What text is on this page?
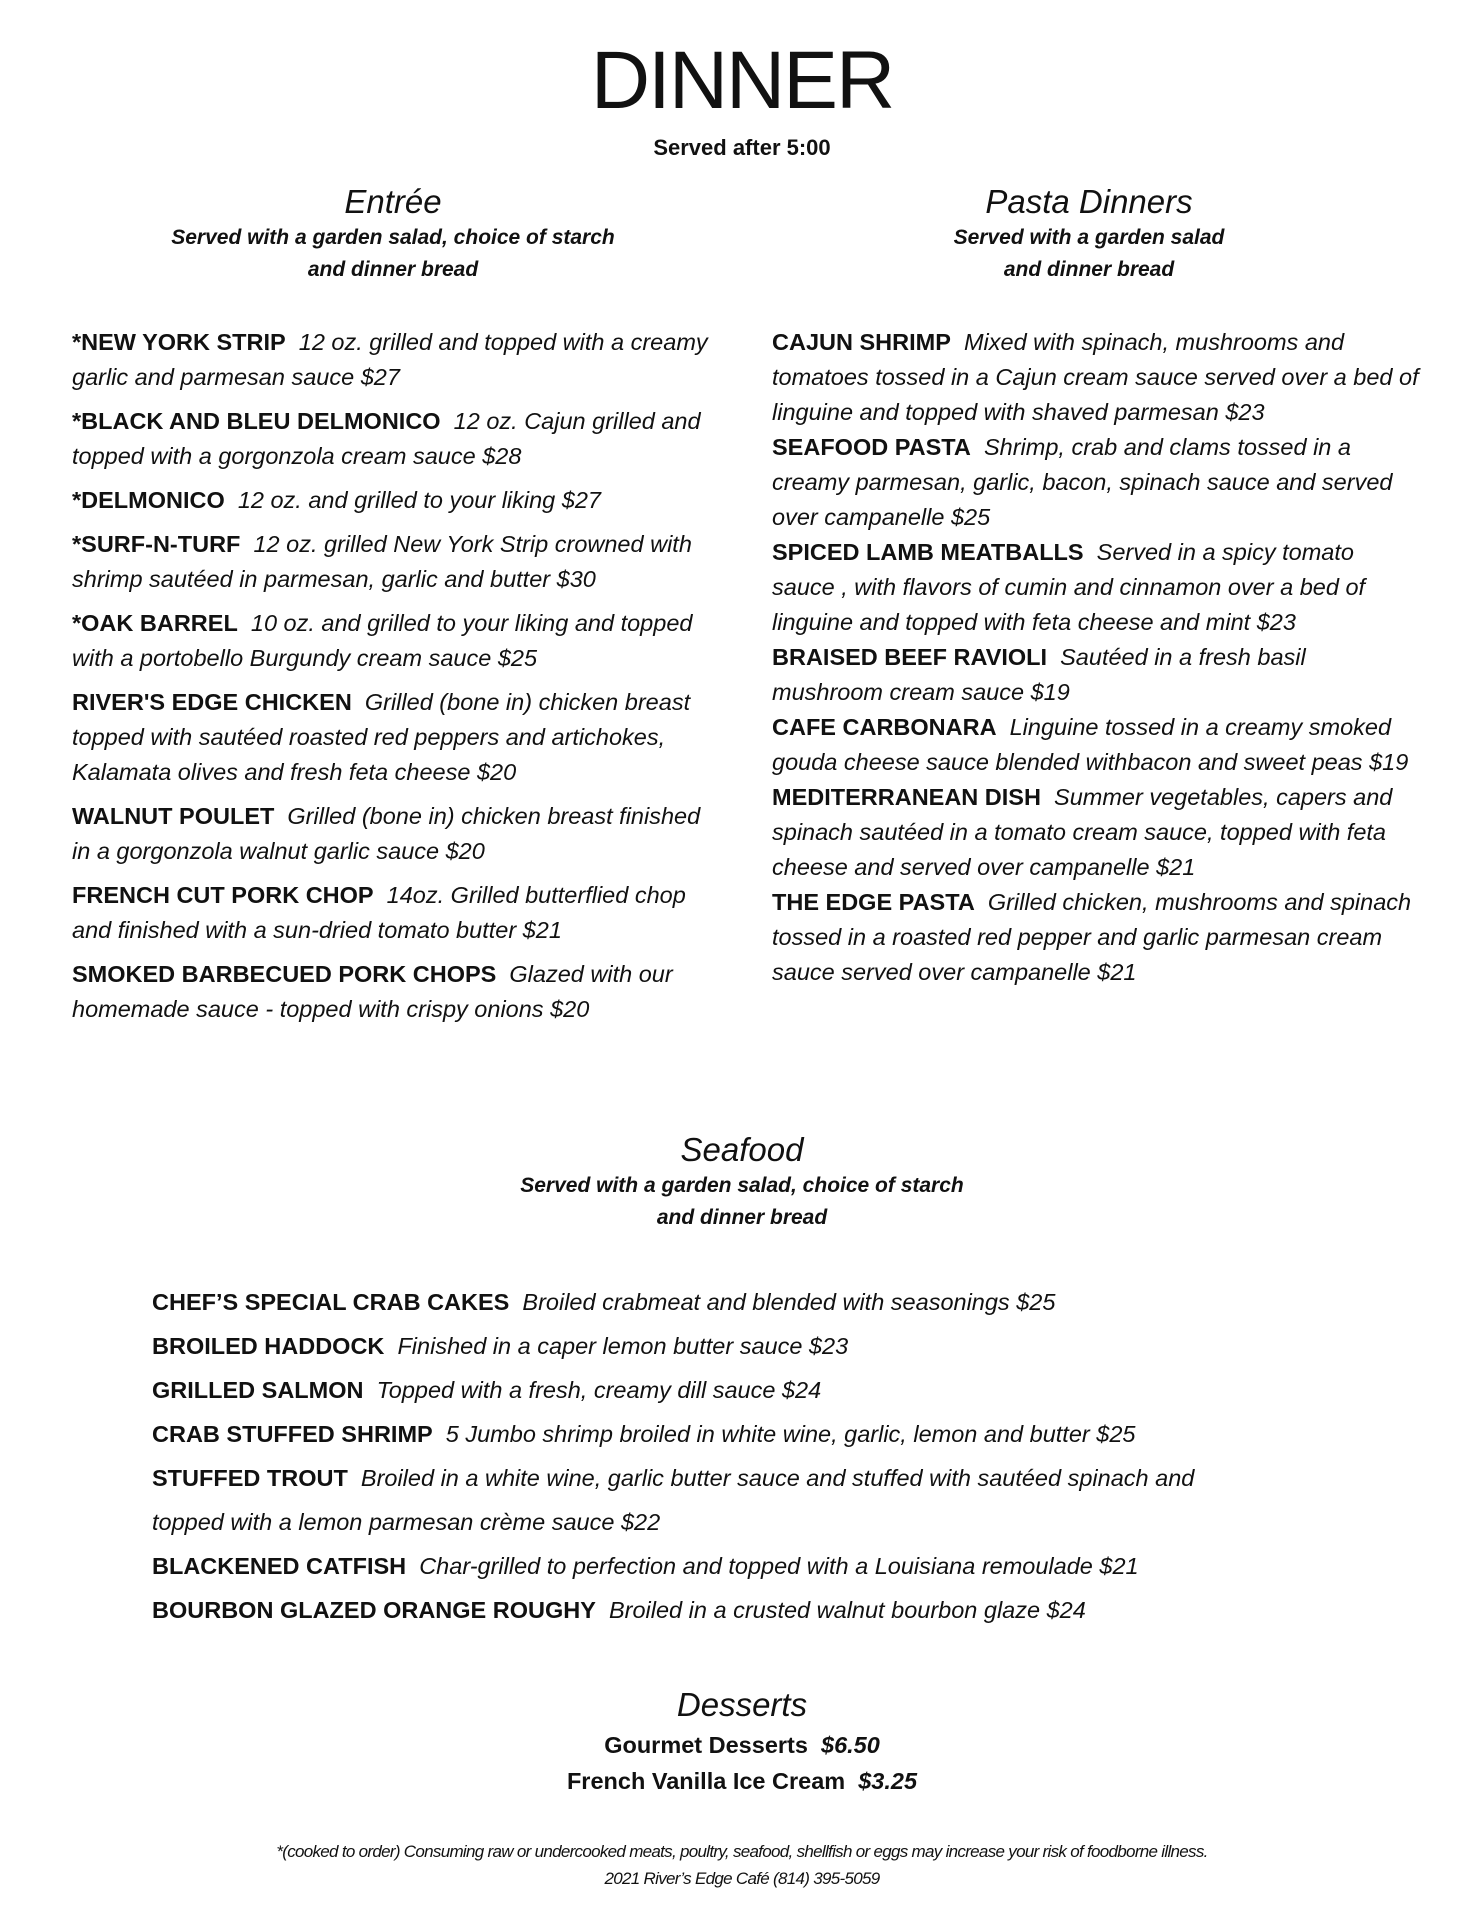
DINNER
Served after 5:00
Entrée
Served with a garden salad, choice of starch
and dinner bread
*NEW YORK STRIP 12 oz. grilled and topped with a creamy garlic and parmesan sauce $27
*BLACK AND BLEU DELMONICO 12 oz. Cajun grilled and topped with a gorgonzola cream sauce $28
*DELMONICO 12 oz. and grilled to your liking $27
*SURF-N-TURF 12 oz. grilled New York Strip crowned with shrimp sautéed in parmesan, garlic and butter $30
*OAK BARREL 10 oz. and grilled to your liking and topped with a portobello Burgundy cream sauce $25
RIVER'S EDGE CHICKEN Grilled (bone in) chicken breast topped with sautéed roasted red peppers and artichokes, Kalamata olives and fresh feta cheese $20
WALNUT POULET Grilled (bone in) chicken breast finished in a gorgonzola walnut garlic sauce $20
FRENCH CUT PORK CHOP 14oz. Grilled butterflied chop and finished with a sun-dried tomato butter $21
SMOKED BARBECUED PORK CHOPS Glazed with our homemade sauce - topped with crispy onions $20
Pasta Dinners
Served with a garden salad
and dinner bread
CAJUN SHRIMP Mixed with spinach, mushrooms and tomatoes tossed in a Cajun cream sauce served over a bed of linguine and topped with shaved parmesan $23
SEAFOOD PASTA Shrimp, crab and clams tossed in a creamy parmesan, garlic, bacon, spinach sauce and served over campanelle $25
SPICED LAMB MEATBALLS Served in a spicy tomato sauce , with flavors of cumin and cinnamon over a bed of linguine and topped with feta cheese and mint $23
BRAISED BEEF RAVIOLI Sautéed in a fresh basil mushroom cream sauce $19
CAFE CARBONARA Linguine tossed in a creamy smoked gouda cheese sauce blended withbacon and sweet peas $19
MEDITERRANEAN DISH Summer vegetables, capers and spinach sautéed in a tomato cream sauce, topped with feta cheese and served over campanelle $21
THE EDGE PASTA Grilled chicken, mushrooms and spinach tossed in a roasted red pepper and garlic parmesan cream sauce served over campanelle $21
Seafood
Served with a garden salad, choice of starch
and dinner bread
CHEF’S SPECIAL CRAB CAKES Broiled crabmeat and blended with seasonings $25
BROILED HADDOCK Finished in a caper lemon butter sauce $23
GRILLED SALMON Topped with a fresh, creamy dill sauce $24
CRAB STUFFED SHRIMP 5 Jumbo shrimp broiled in white wine, garlic, lemon and butter $25
STUFFED TROUT Broiled in a white wine, garlic butter sauce and stuffed with sautéed spinach and topped with a lemon parmesan crème sauce $22
BLACKENED CATFISH Char-grilled to perfection and topped with a Louisiana remoulade $21
BOURBON GLAZED ORANGE ROUGHY Broiled in a crusted walnut bourbon glaze $24
Desserts
Gourmet Desserts $6.50
French Vanilla Ice Cream $3.25
*(cooked to order) Consuming raw or undercooked meats, poultry, seafood, shellfish or eggs may increase your risk of foodborne illness.
2021 River’s Edge Café (814) 395-5059
